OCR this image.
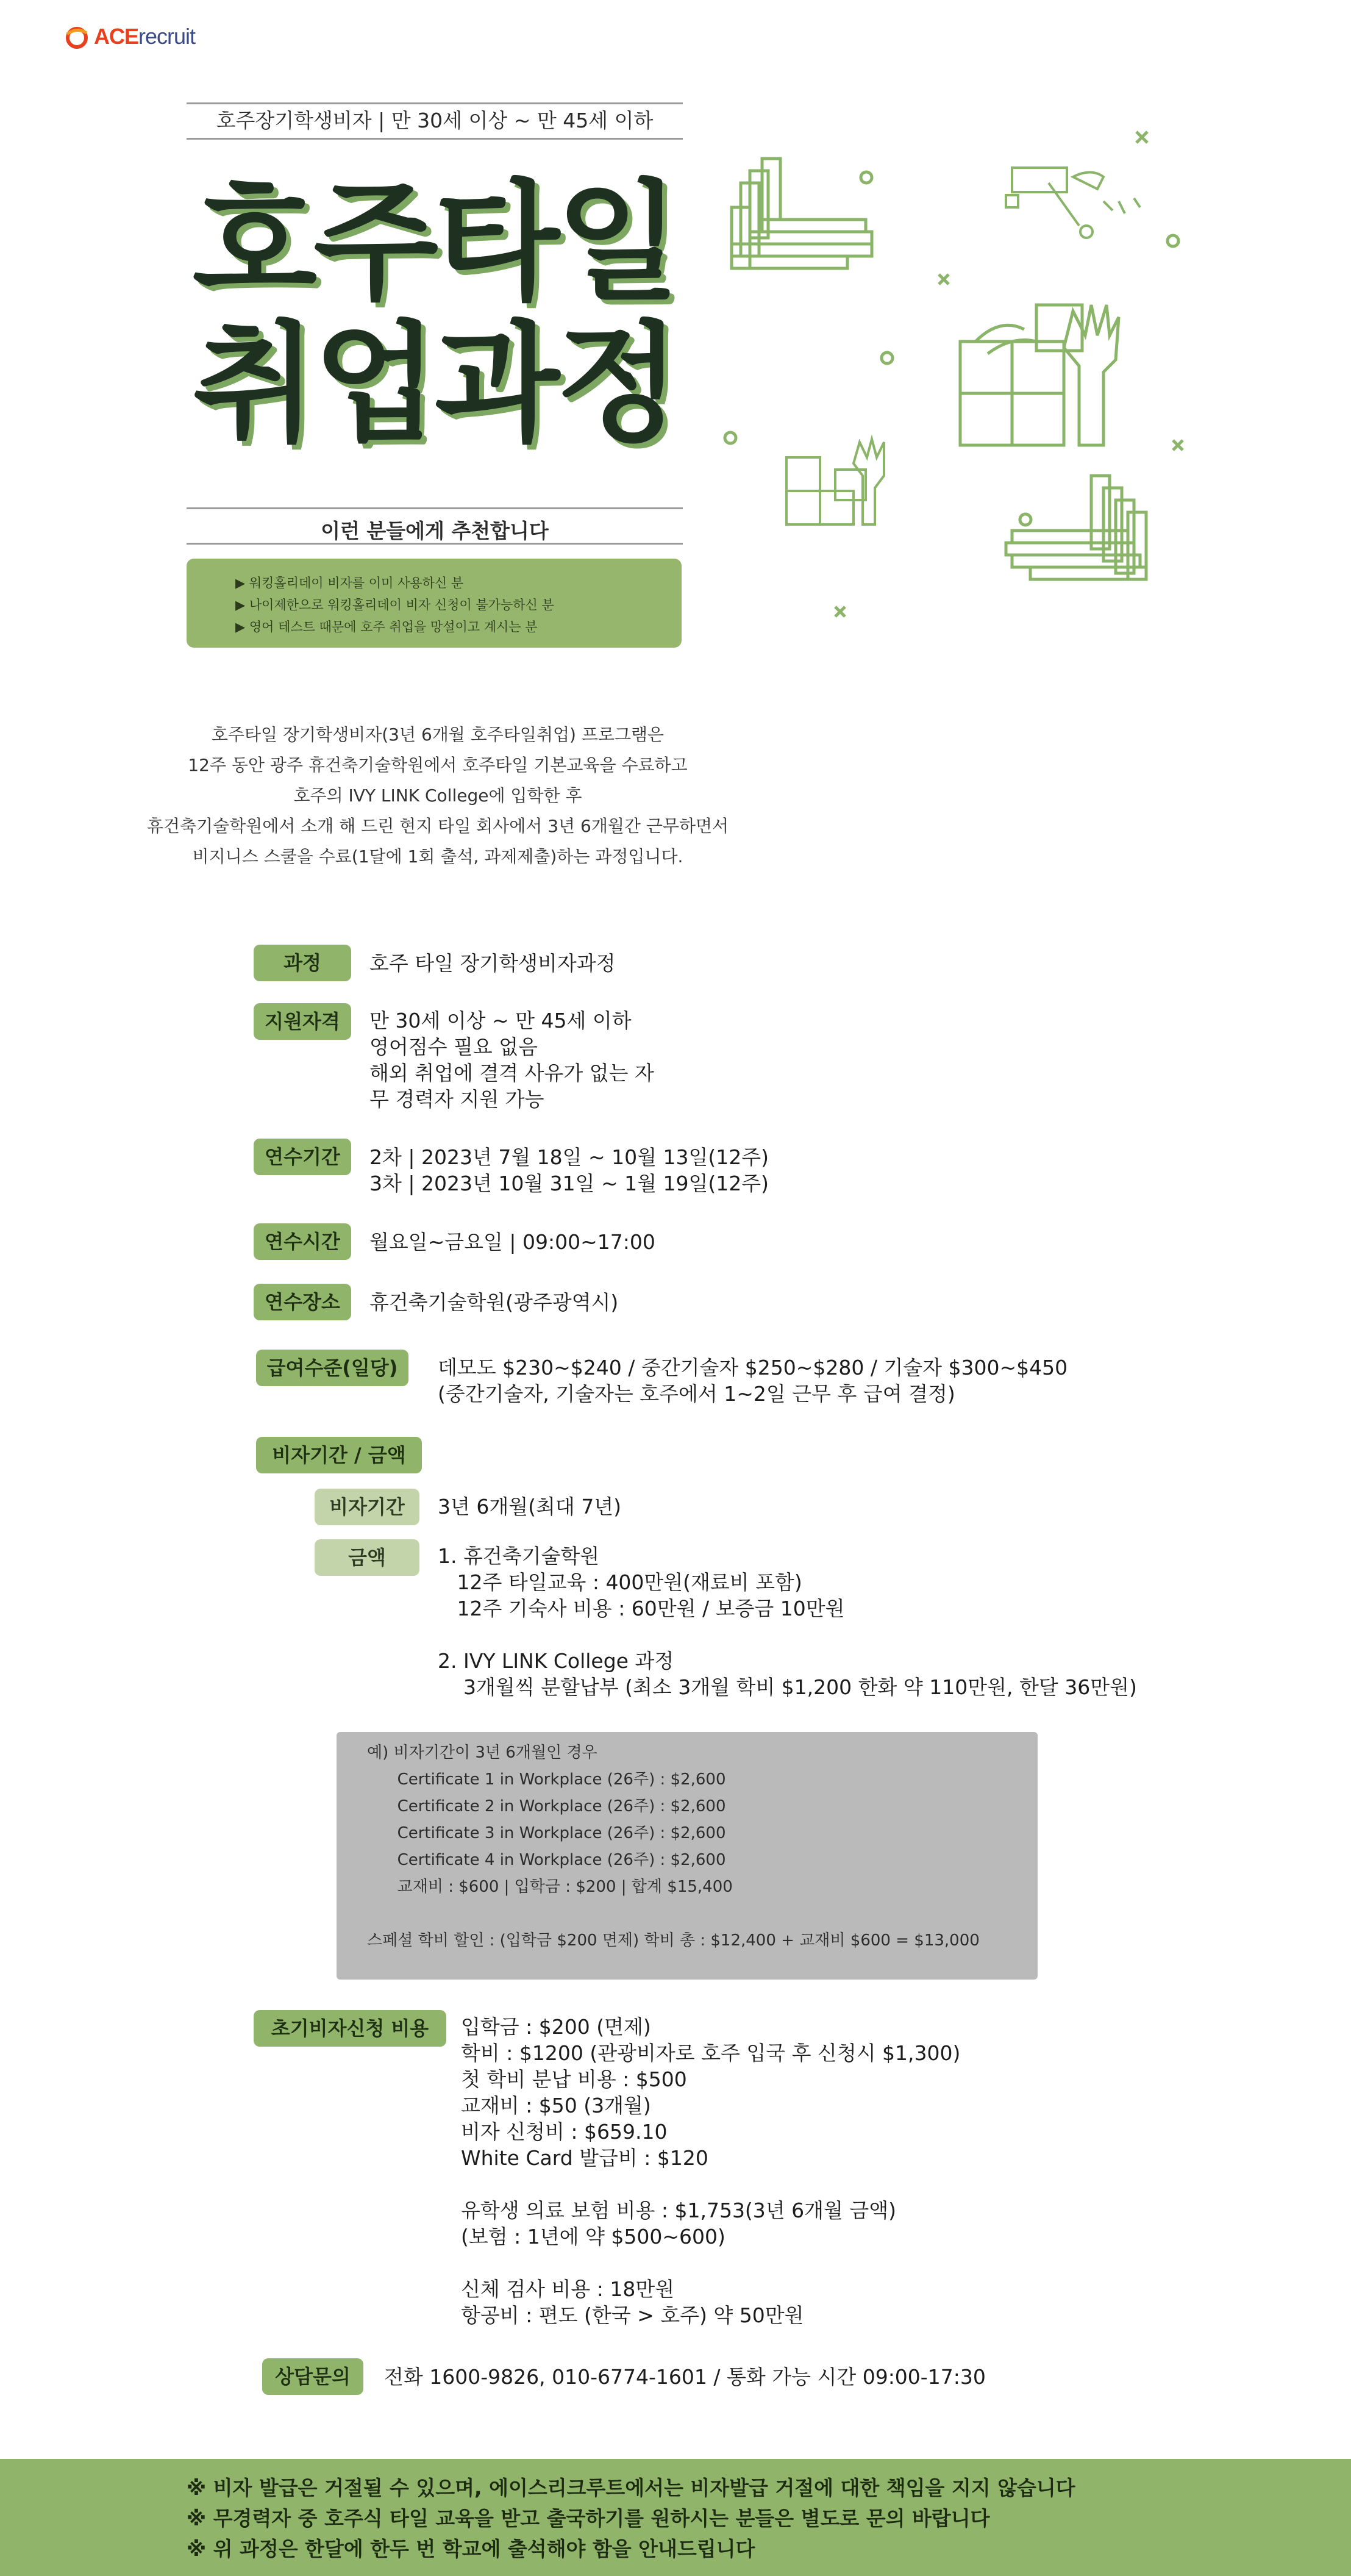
ACErecruit
호주장기학생비자 | 만 30세 이상 ~ 만 45세 이하
호주타일
취업과정
이런 분들에게 추천합니다
▶ 워킹홀리데이 비자를 이미 사용하신 분
▶ 나이제한으로 워킹홀리데이 비자 신청이 불가능하신 분
▶ 영어 테스트 때문에 호주 취업을 망설이고 계시는 분
호주타일 장기학생비자(3년 6개월 호주타일취업) 프로그램은
12주 동안 광주 휴건축기술학원에서 호주타일 기본교육을 수료하고
호주의 IVY LINK College에 입학한 후
휴건축기술학원에서 소개 해 드린 현지 타일 회사에서 3년 6개월간 근무하면서
비지니스 스쿨을 수료(1달에 1회 출석, 과제제출)하는 과정입니다.
과정	호주 타일 장기학생비자과정
지원자격	만 30세 이상 ~ 만 45세 이하
영어점수 필요 없음
해외 취업에 결격 사유가 없는 자
무 경력자 지원 가능
연수기간	2차 | 2023년 7월 18일 ~ 10월 13일(12주)
3차 | 2023년 10월 31일 ~ 1월 19일(12주)
연수시간	월요일~금요일 | 09:00~17:00
연수장소	휴건축기술학원(광주광역시)
급여수준(일당)	데모도 $230~$240 / 중간기술자 $250~$280 / 기술자 $300~$450
(중간기술자, 기술자는 호주에서 1~2일 근무 후 급여 결정)
비자기간 / 금액
비자기간	3년 6개월(최대 7년)
금액	1. 휴건축기술학원
12주 타일교육 : 400만원(재료비 포함)
12주 기숙사 비용 : 60만원 / 보증금 10만원

2. IVY LINK College 과정
3개월씩 분할납부 (최소 3개월 학비 $1,200 한화 약 110만원, 한달 36만원)
예) 비자기간이 3년 6개월인 경우
Certificate 1 in Workplace (26주) : $2,600
Certificate 2 in Workplace (26주) : $2,600
Certificate 3 in Workplace (26주) : $2,600
Certificate 4 in Workplace (26주) : $2,600
교재비 : $600 | 입학금 : $200 | 합계 $15,400

스페셜 학비 할인 : (입학금 $200 면제) 학비 총 : $12,400 + 교재비 $600 = $13,000
초기비자신청 비용	입학금 : $200 (면제)
학비 : $1200 (관광비자로 호주 입국 후 신청시 $1,300)
첫 학비 분납 비용 : $500
교재비 : $50 (3개월)
비자 신청비 : $659.10
White Card 발급비 : $120

유학생 의료 보험 비용 : $1,753(3년 6개월 금액)
(보험 : 1년에 약 $500~600)

신체 검사 비용 : 18만원
항공비 : 편도 (한국 > 호주) 약 50만원
상담문의	전화 1600-9826, 010-6774-1601 / 통화 가능 시간 09:00-17:30
※ 비자 발급은 거절될 수 있으며, 에이스리크루트에서는 비자발급 거절에 대한 책임을 지지 않습니다
※ 무경력자 중 호주식 타일 교육을 받고 출국하기를 원하시는 분들은 별도로 문의 바랍니다
※ 위 과정은 한달에 한두 번 학교에 출석해야 함을 안내드립니다
